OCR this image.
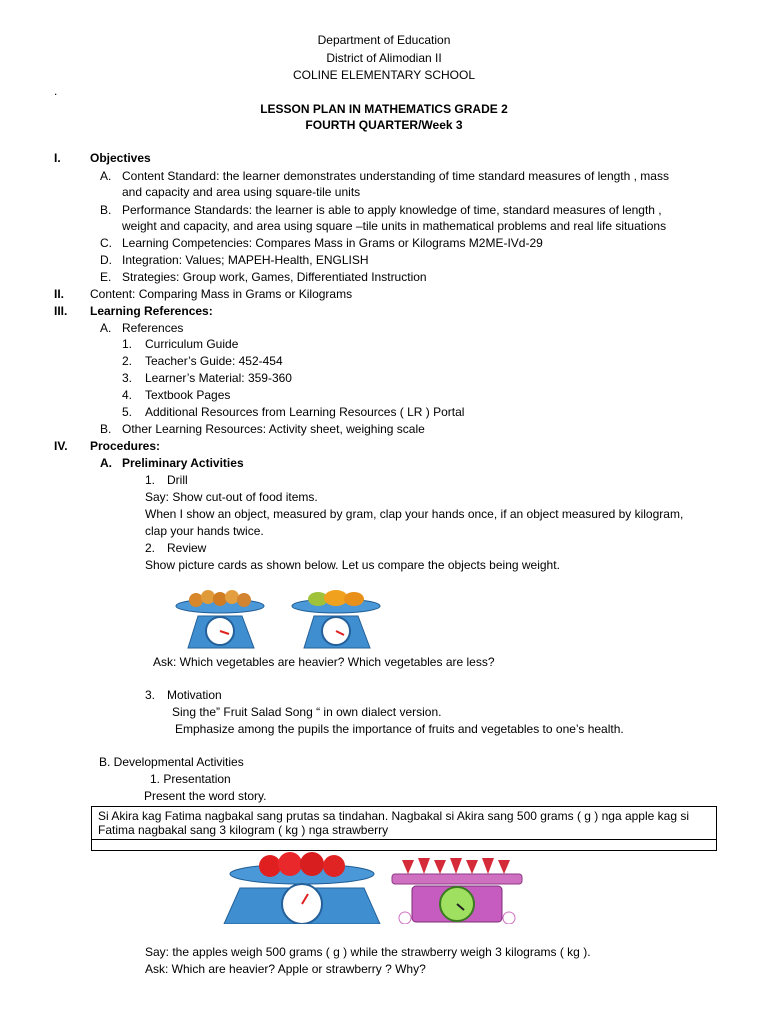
Department of Education
District of Alimodian II
COLINE ELEMENTARY SCHOOL
.
LESSON PLAN IN MATHEMATICS GRADE 2
FOURTH QUARTER/Week 3
I. Objectives
A. Content Standard: the learner demonstrates understanding of time standard measures of length , mass
and capacity and area using square-tile units
B. Performance Standards: the learner is able to apply knowledge of time, standard measures of length ,
weight and capacity, and area using square –tile units in mathematical problems and real life situations
C. Learning Competencies: Compares Mass in Grams or Kilograms M2ME-IVd-29
D. Integration: Values; MAPEH-Health, ENGLISH
E. Strategies: Group work, Games, Differentiated Instruction
II. Content: Comparing Mass in Grams or Kilograms
III. Learning References:
A. References
1. Curriculum Guide
2. Teacher’s Guide: 452-454
3. Learner’s Material: 359-360
4. Textbook Pages
5. Additional Resources from Learning Resources ( LR ) Portal
B. Other Learning Resources: Activity sheet, weighing scale
IV. Procedures:
A. Preliminary Activities
1. Drill
Say: Show cut-out of food items.
When I show an object, measured by gram, clap your hands once, if an object measured by kilogram,
clap your hands twice.
2. Review
Show picture cards as shown below. Let us compare the objects being weight.
Ask: Which vegetables are heavier? Which vegetables are less?
3. Motivation
Sing the” Fruit Salad Song “ in own dialect version.
Emphasize among the pupils the importance of fruits and vegetables to one’s health.
B. Developmental Activities
1. Presentation
Present the word story.
Si Akira kag Fatima nagbakal sang prutas sa tindahan. Nagbakal si Akira sang 500 grams ( g ) nga apple kag si Fatima nagbakal sang 3 kilogram ( kg ) nga strawberry
Say: the apples weigh 500 grams ( g ) while the strawberry weigh 3 kilograms ( kg ).
Ask: Which are heavier? Apple or strawberry ? Why?
